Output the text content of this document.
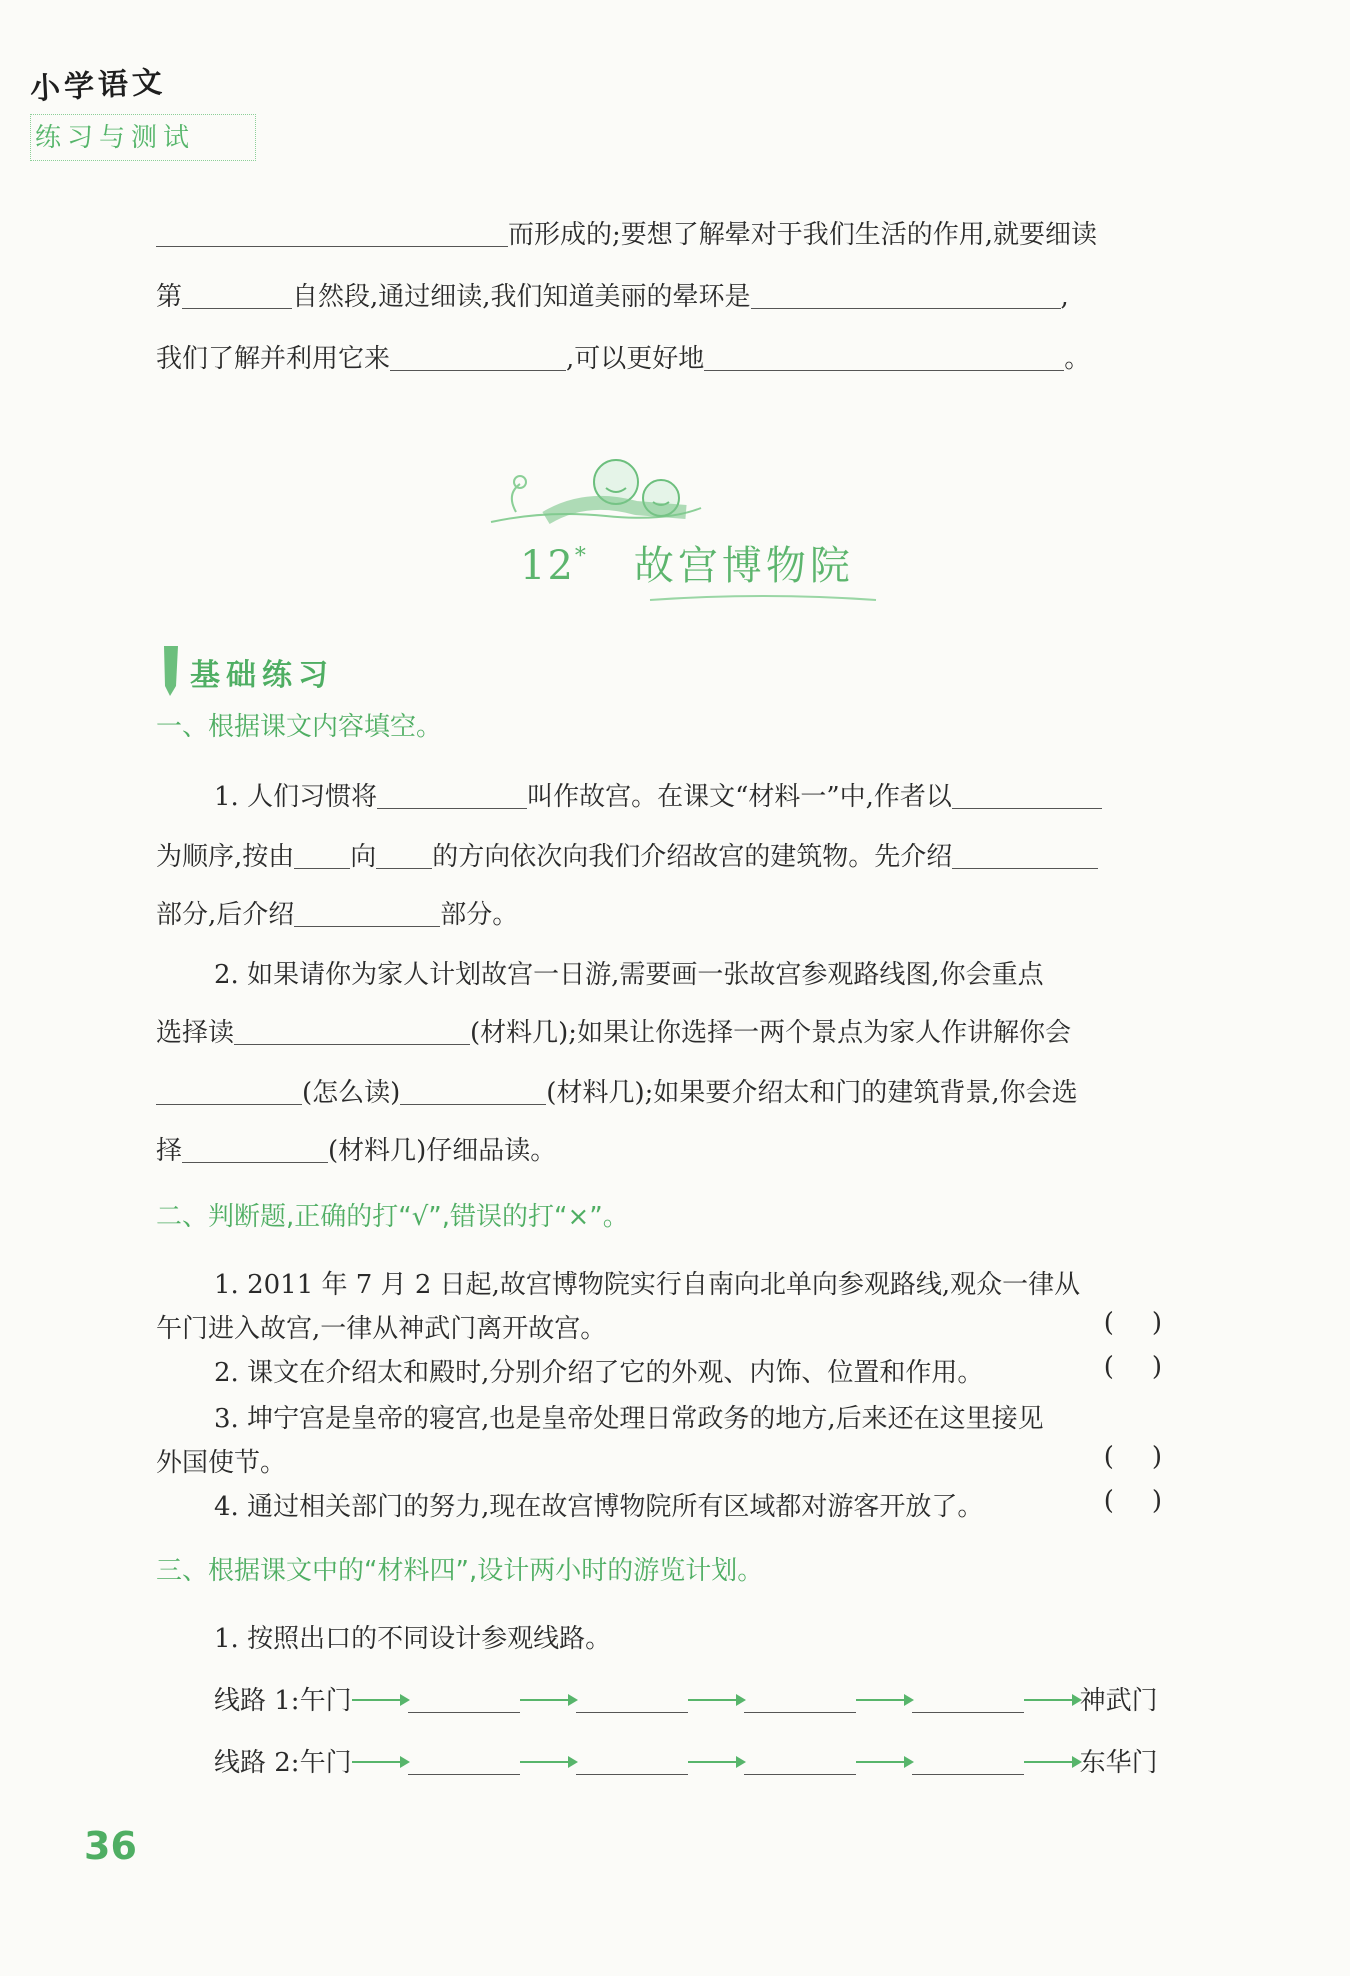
小学语文
练习与测试
而形成的;要想了解晕对于我们生活的作用,就要细读
第	自然段,通过细读,我们知道美丽的晕环是	,
我们了解并利用它来	,可以更好地	。
12* 故宫博物院
基础练习
一、根据课文内容填空。
1. 人们习惯将	叫作故宫。在课文“材料一”中,作者以
为顺序,按由 向 的方向依次向我们介绍故宫的建筑物。先介绍
部分,后介绍	部分。
2. 如果请你为家人计划故宫一日游,需要画一张故宫参观路线图,你会重点
选择读	(材料几);如果让你选择一两个景点为家人作讲解你会
(怎么读)	(材料几);如果要介绍太和门的建筑背景,你会选
择	(材料几)仔细品读。
二、判断题,正确的打“√”,错误的打“×”。
1. 2011 年 7 月 2 日起,故宫博物院实行自南向北单向参观路线,观众一律从
午门进入故宫,一律从神武门离开故宫。	()
2. 课文在介绍太和殿时,分别介绍了它的外观、内饰、位置和作用。	()
3. 坤宁宫是皇帝的寝宫,也是皇帝处理日常政务的地方,后来还在这里接见
外国使节。	()
4. 通过相关部门的努力,现在故宫博物院所有区域都对游客开放了。	()
三、根据课文中的“材料四”,设计两小时的游览计划。
1. 按照出口的不同设计参观线路。
线路 1:午门	神武门
线路 2:午门	东华门
36
